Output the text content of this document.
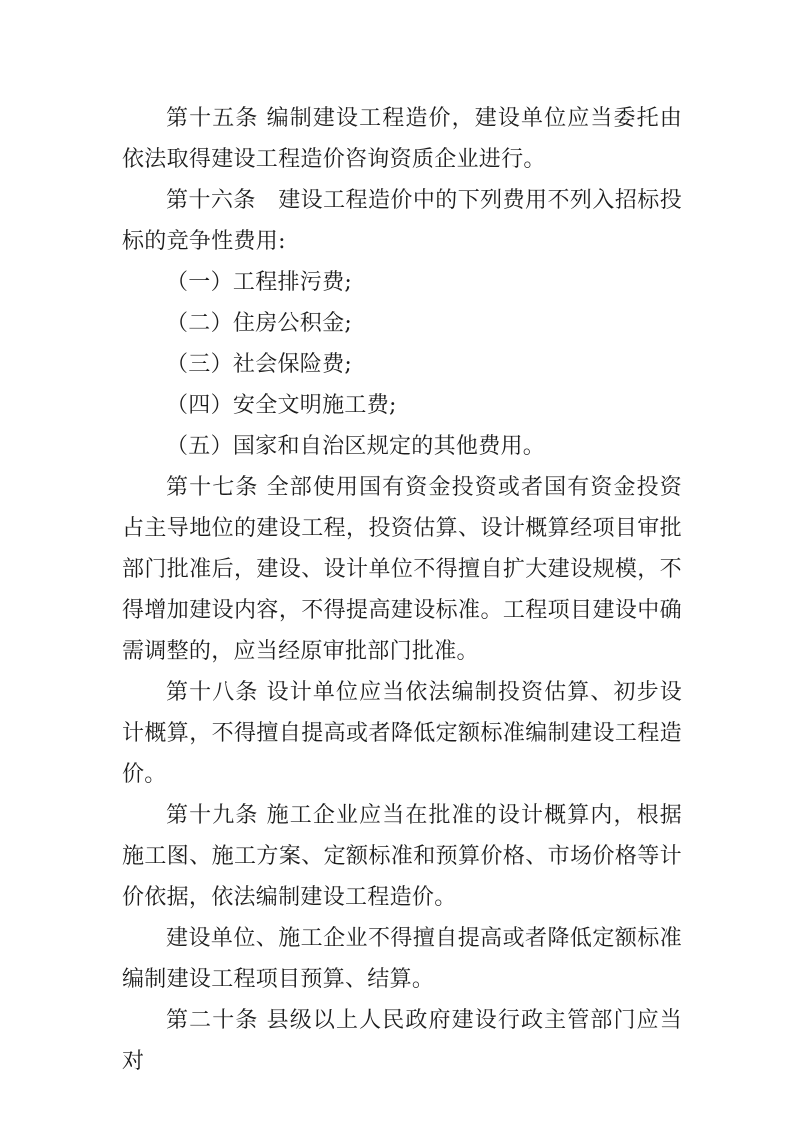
第十五条 编制建设工程造价，建设单位应当委托由依法取得建设工程造价咨询资质企业进行。

第十六条　建设工程造价中的下列费用不列入招标投标的竞争性费用:

（一）工程排污费;

（二）住房公积金;

（三）社会保险费;

（四）安全文明施工费;

（五）国家和自治区规定的其他费用。

第十七条 全部使用国有资金投资或者国有资金投资占主导地位的建设工程，投资估算、设计概算经项目审批部门批准后，建设、设计单位不得擅自扩大建设规模，不得增加建设内容，不得提高建设标准。工程项目建设中确需调整的，应当经原审批部门批准。

第十八条 设计单位应当依法编制投资估算、初步设计概算，不得擅自提高或者降低定额标准编制建设工程造价。

第十九条 施工企业应当在批准的设计概算内，根据施工图、施工方案、定额标准和预算价格、市场价格等计价依据，依法编制建设工程造价。

建设单位、施工企业不得擅自提高或者降低定额标准编制建设工程项目预算、结算。

第二十条 县级以上人民政府建设行政主管部门应当对
